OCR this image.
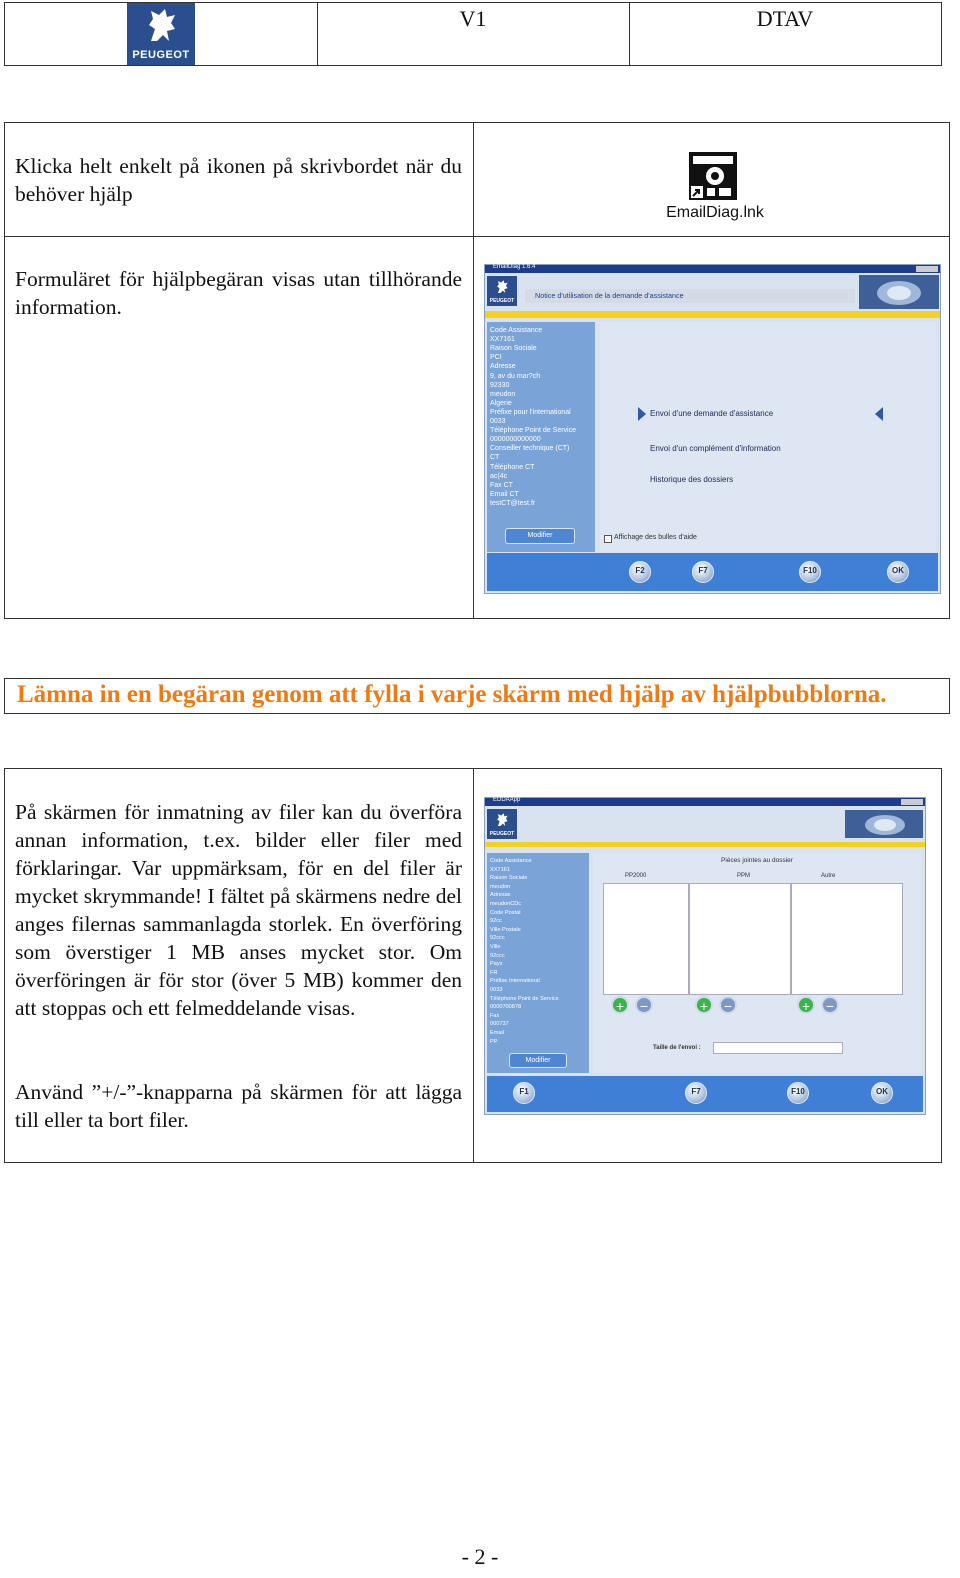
PEUGEOT
V1	DTAV
Klicka helt enkelt på ikonen på skrivbordet när du behöver hjälp
EmailDiag.lnk
Formuläret för hjälpbegäran visas utan tillhörande information.
EmailDiag 1.6.4
PEUGEOT
Notice d'utilisation de la demande d'assistance
Code Assistance
XX7161
Raison Sociale
PCI
Adresse
9, av du mar?ch
92330
meudon
Algerie
Préfixe pour l'international
0033
Téléphone Point de Service
0000000000000
Conseiller technique (CT)
CT
Téléphone CT
ac(4c
Fax CT
Email CT
testCT@test.fr
Modifier
Envoi d'une demande d'assistance
Envoi d'un complément d'information
Historique des dossiers
Affichage des bulles d'aide
F2	F7	F10	OK
Lämna in en begäran genom att fylla i varje skärm med hjälp av hjälpbubblorna.
På skärmen för inmatning av filer kan du överföra annan information, t.ex. bilder eller filer med förklaringar. Var uppmärksam, för en del filer är mycket skrymmande! I fältet på skärmens nedre del anges filernas sammanlagda storlek. En överföring som överstiger 1 MB anses mycket stor. Om överföringen är för stor (över 5 MB) kommer den att stoppas och ett felmeddelande visas.
Använd ”+/-”-knapparna på skärmen för att lägga till eller ta bort filer.
EDDAApp
PEUGEOT
Code Assistance
XX7161
Raison Sociale
meudon
Adresse
meudonCDc
Code Postal
92cc
Ville Postale
92ccc
Ville
92ccc
Pays
FR
Préfixe International
0033
Téléphone Point de Service
0000700878
Fax
000737
Email
PP
Modifier
Pièces jointes au dossier
PP2000	PPM	Autre
+	−	+	−	+	−
Taille de l'envoi :
F1	F7	F10	OK
- 2 -
